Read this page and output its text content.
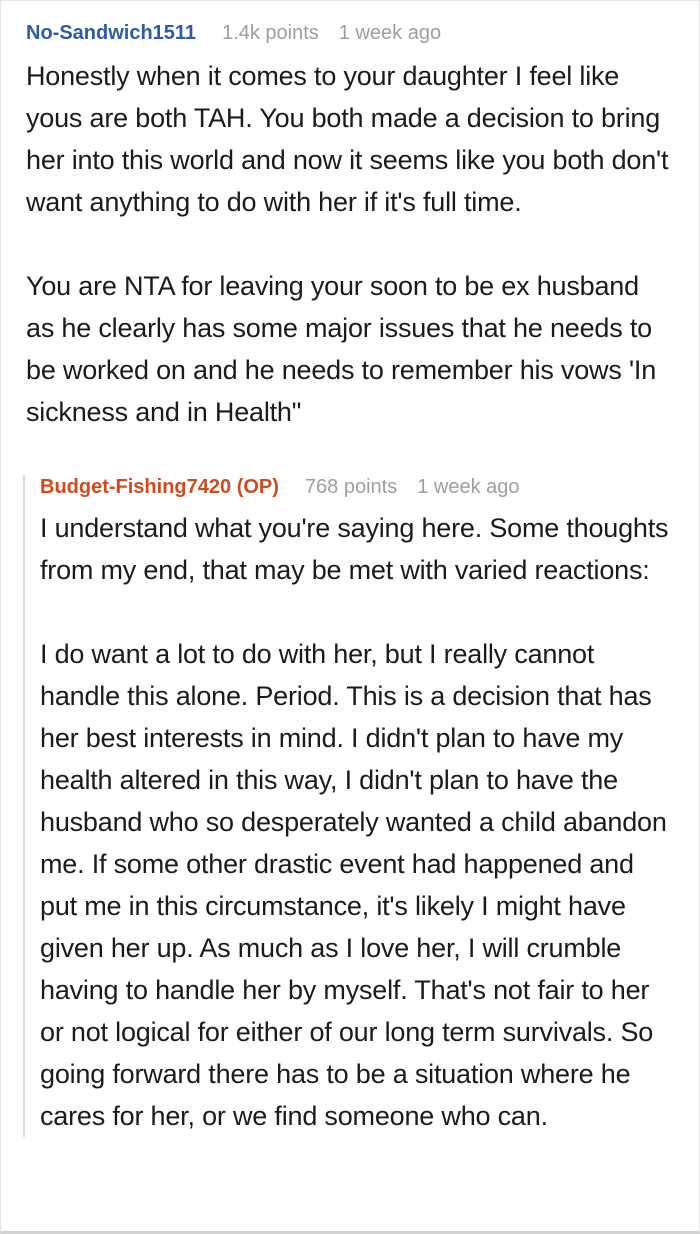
No-Sandwich1511 1.4k points 1 week ago

Honestly when it comes to your daughter I feel like yous are both TAH. You both made a decision to bring her into this world and now it seems like you both don't want anything to do with her if it's full time.

You are NTA for leaving your soon to be ex husband as he clearly has some major issues that he needs to be worked on and he needs to remember his vows 'In sickness and in Health"

Budget-Fishing7420 (OP) 768 points 1 week ago

I understand what you're saying here. Some thoughts from my end, that may be met with varied reactions:

I do want a lot to do with her, but I really cannot handle this alone. Period. This is a decision that has her best interests in mind. I didn't plan to have my health altered in this way, I didn't plan to have the husband who so desperately wanted a child abandon me. If some other drastic event had happened and put me in this circumstance, it's likely I might have given her up. As much as I love her, I will crumble having to handle her by myself. That's not fair to her or not logical for either of our long term survivals. So going forward there has to be a situation where he cares for her, or we find someone who can.
